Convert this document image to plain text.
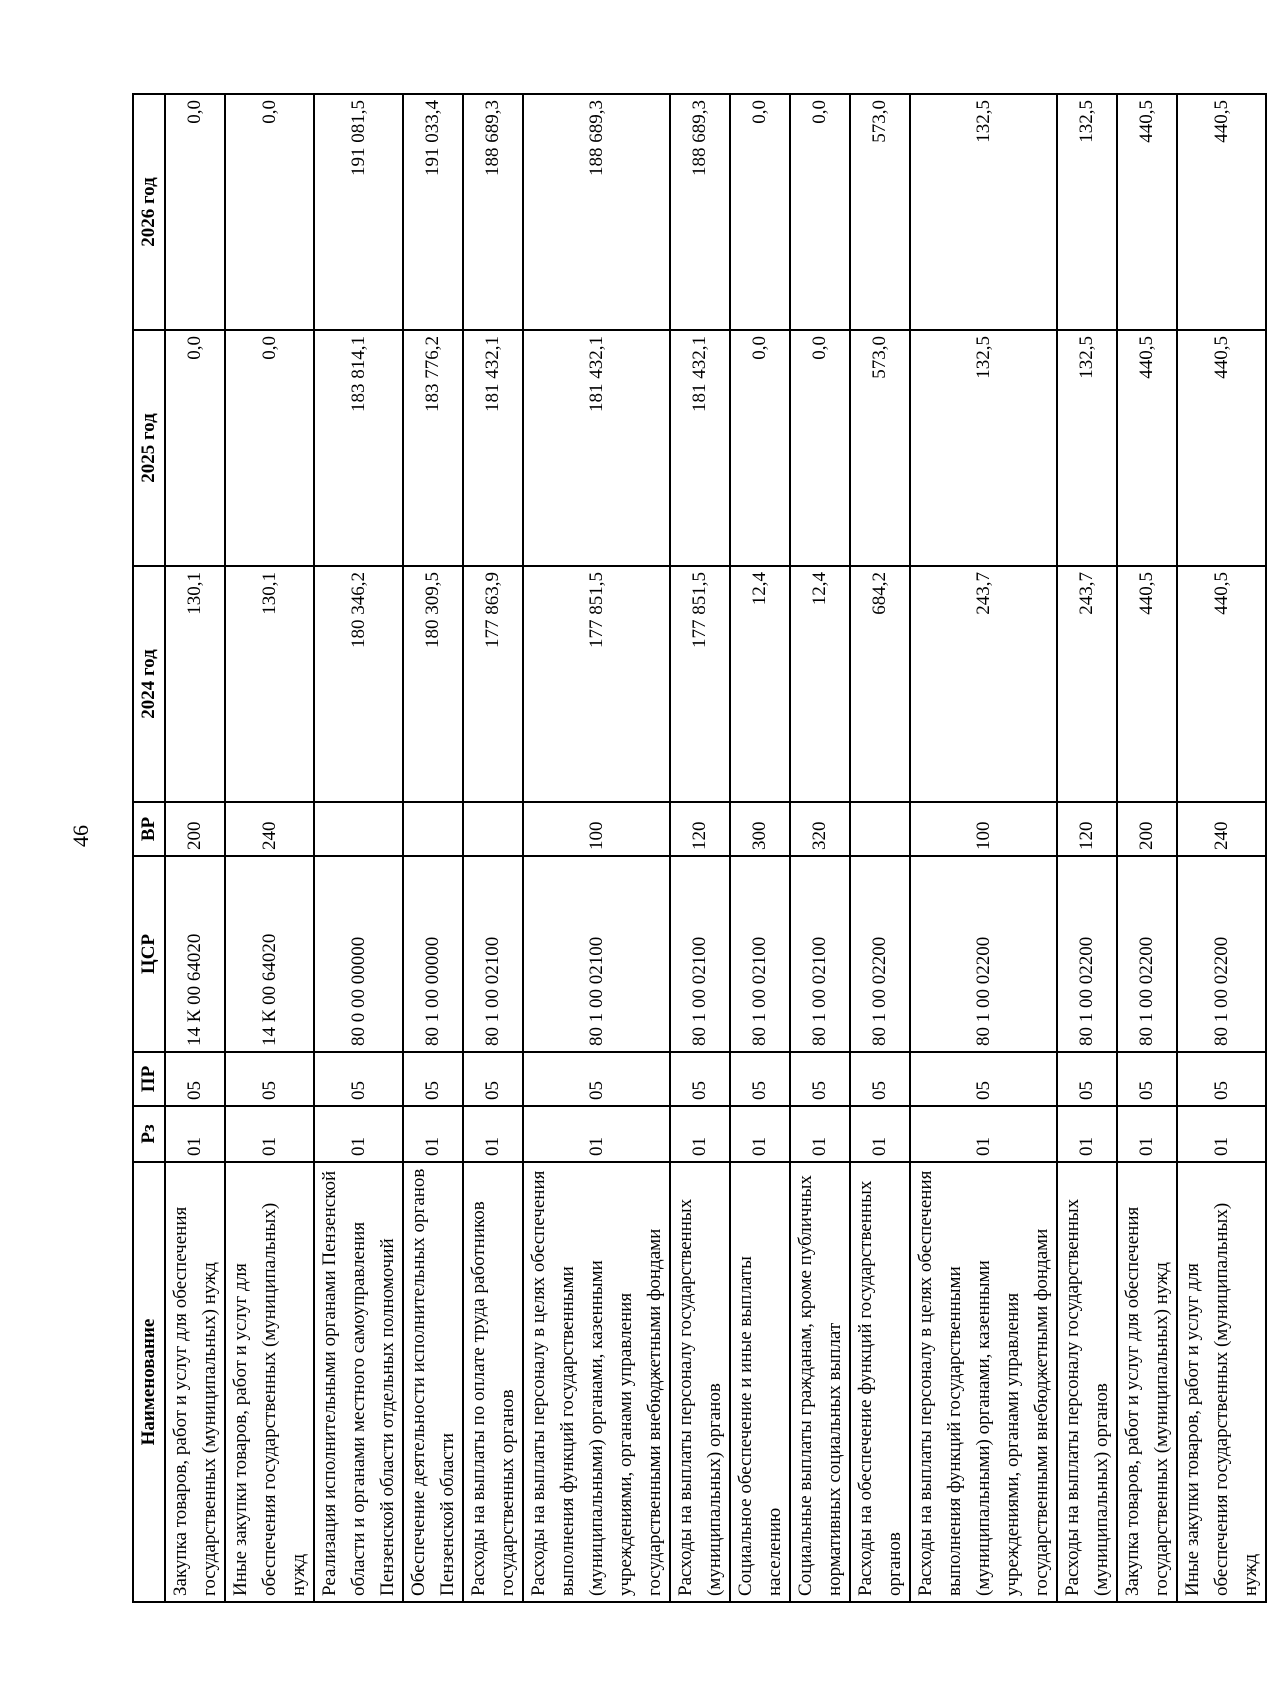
46
Наименование	Рз	ПР	ЦСР	ВР	2024 год	2025 год	2026 год
Закупка товаров, работ и услуг для обеспечения государственных (муниципальных) нужд	01	05	14 К 00 64020	200	130,1	0,0	0,0
Иные закупки товаров, работ и услуг для обеспечения государственных (муниципальных) нужд	01	05	14 К 00 64020	240	130,1	0,0	0,0
Реализация исполнительными органами Пензенской области и органами местного самоуправления Пензенской области отдельных полномочий	01	05	80 0 00 00000		180 346,2	183 814,1	191 081,5
Обеспечение деятельности исполнительных органов Пензенской области	01	05	80 1 00 00000		180 309,5	183 776,2	191 033,4
Расходы на выплаты по оплате труда работников государственных органов	01	05	80 1 00 02100		177 863,9	181 432,1	188 689,3
Расходы на выплаты персоналу в целях обеспечения выполнения функций государственными (муниципальными) органами, казенными учреждениями, органами управления государственными внебюджетными фондами	01	05	80 1 00 02100	100	177 851,5	181 432,1	188 689,3
Расходы на выплаты персоналу государственных (муниципальных) органов	01	05	80 1 00 02100	120	177 851,5	181 432,1	188 689,3
Социальное обеспечение и иные выплаты населению	01	05	80 1 00 02100	300	12,4	0,0	0,0
Социальные выплаты гражданам, кроме публичных нормативных социальных выплат	01	05	80 1 00 02100	320	12,4	0,0	0,0
Расходы на обеспечение функций государственных органов	01	05	80 1 00 02200		684,2	573,0	573,0
Расходы на выплаты персоналу в целях обеспечения выполнения функций государственными (муниципальными) органами, казенными учреждениями, органами управления государственными внебюджетными фондами	01	05	80 1 00 02200	100	243,7	132,5	132,5
Расходы на выплаты персоналу государственных (муниципальных) органов	01	05	80 1 00 02200	120	243,7	132,5	132,5
Закупка товаров, работ и услуг для обеспечения государственных (муниципальных) нужд	01	05	80 1 00 02200	200	440,5	440,5	440,5
Иные закупки товаров, работ и услуг для обеспечения государственных (муниципальных) нужд	01	05	80 1 00 02200	240	440,5	440,5	440,5
